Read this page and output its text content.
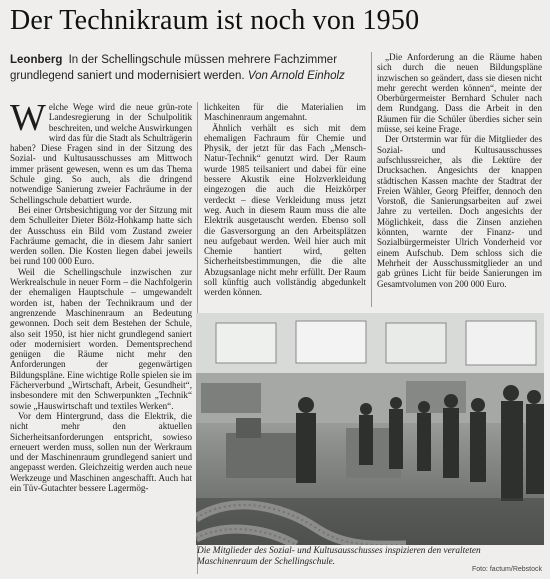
Der Technikraum ist noch von 1950
Leonberg In der Schellingschule müssen mehrere Fachzimmer grundlegend saniert und modernisiert werden. Von Arnold Einholz

Welche Wege wird die neue grün-rote Landesregierung in der Schulpolitik beschreiten, und welche Auswirkungen wird das für die Stadt als Schulträgerin haben? Diese Fragen sind in der Sitzung des Sozial- und Kultusausschusses am Mittwoch immer präsent gewesen, wenn es um das Thema Schule ging. So auch, als die dringend notwendige Sanierung zweier Fachräume in der Schellingschule debattiert wurde.

Bei einer Ortsbesichtigung vor der Sitzung mit dem Schulleiter Dieter Bölz-Hohkamp hatte sich der Ausschuss ein Bild vom Zustand zweier Fachräume gemacht, die in diesem Jahr saniert werden sollen. Die Kosten liegen dabei jeweils bei rund 100 000 Euro.

Weil die Schellingschule inzwischen zur Werkrealschule in neuer Form – die Nachfolgerin der ehemaligen Hauptschule – umgewandelt worden ist, haben der Technikraum und der angrenzende Maschinenraum an Bedeutung gewonnen. Doch seit dem Bestehen der Schule, also seit 1950, ist hier nicht grundlegend saniert oder modernisiert worden. Dementsprechend genügen die Räume nicht mehr den Anforderungen der gegenwärtigen Bildungspläne. Eine wichtige Rolle spielen sie im Fächerverbund „Wirtschaft, Arbeit, Gesundheit“, insbesondere mit den Schwerpunkten „Technik“ sowie „Hauswirtschaft und textiles Werken“.

Vor dem Hintergrund, dass die Elektrik, die nicht mehr den aktuellen Sicherheitsanforderungen entspricht, sowieso erneuert werden muss, sollen nun der Werkraum und der Maschinenraum grundlegend saniert und angepasst werden. Gleichzeitig werden auch neue Werkzeuge und Maschinen angeschafft. Auch hat ein Tüv-Gutachter bessere Lagermög-

lichkeiten für die Materialien im Maschinenraum angemahnt.

Ähnlich verhält es sich mit dem ehemaligen Fachraum für Chemie und Physik, der jetzt für das Fach „Mensch-Natur-Technik“ genutzt wird. Der Raum wurde 1985 teilsaniert und dabei für eine bessere Akustik eine Holzverkleidung eingezogen die auch die Heizkörper verdeckt – diese Verkleidung muss jetzt weg. Auch in diesem Raum muss die alte Elektrik ausgetauscht werden. Ebenso soll die Gasversorgung an den Arbeitsplätzen neu aufgebaut werden. Weil hier auch mit Chemie hantiert wird, gelten Sicherheitsbestimmungen, die die alte Abzugsanlage nicht mehr erfüllt. Der Raum soll künftig auch vollständig abgedunkelt werden können.

„Die Anforderung an die Räume haben sich durch die neuen Bildungspläne inzwischen so geändert, dass sie diesen nicht mehr gerecht werden können“, meinte der Oberbürgermeister Bernhard Schuler nach dem Rundgang. Dass die Arbeit in den Räumen für die Schüler überdies sicher sein müsse, sei keine Frage.

Der Ortstermin war für die Mitglieder des Sozial- und Kultusausschusses aufschlussreicher, als die Lektüre der Drucksachen. Angesichts der knappen städtischen Kassen machte der Stadtrat der Freien Wähler, Georg Pfeiffer, dennoch den Vorstoß, die Sanierungsarbeiten auf zwei Jahre zu verteilen. Doch angesichts der Möglichkeit, dass die Zinsen anziehen könnten, warnte der Finanz- und Sozialbürgermeister Ulrich Vonderheid vor einem Aufschub. Dem schloss sich die Mehrheit der Ausschussmitglieder an und gab grünes Licht für beide Sanierungen im Gesamtvolumen von 200 000 Euro.

Die Mitglieder des Sozial- und Kultusausschusses inspizieren den veralteten Maschinenraum der Schellingschule.
Foto: factum/Rebstock
